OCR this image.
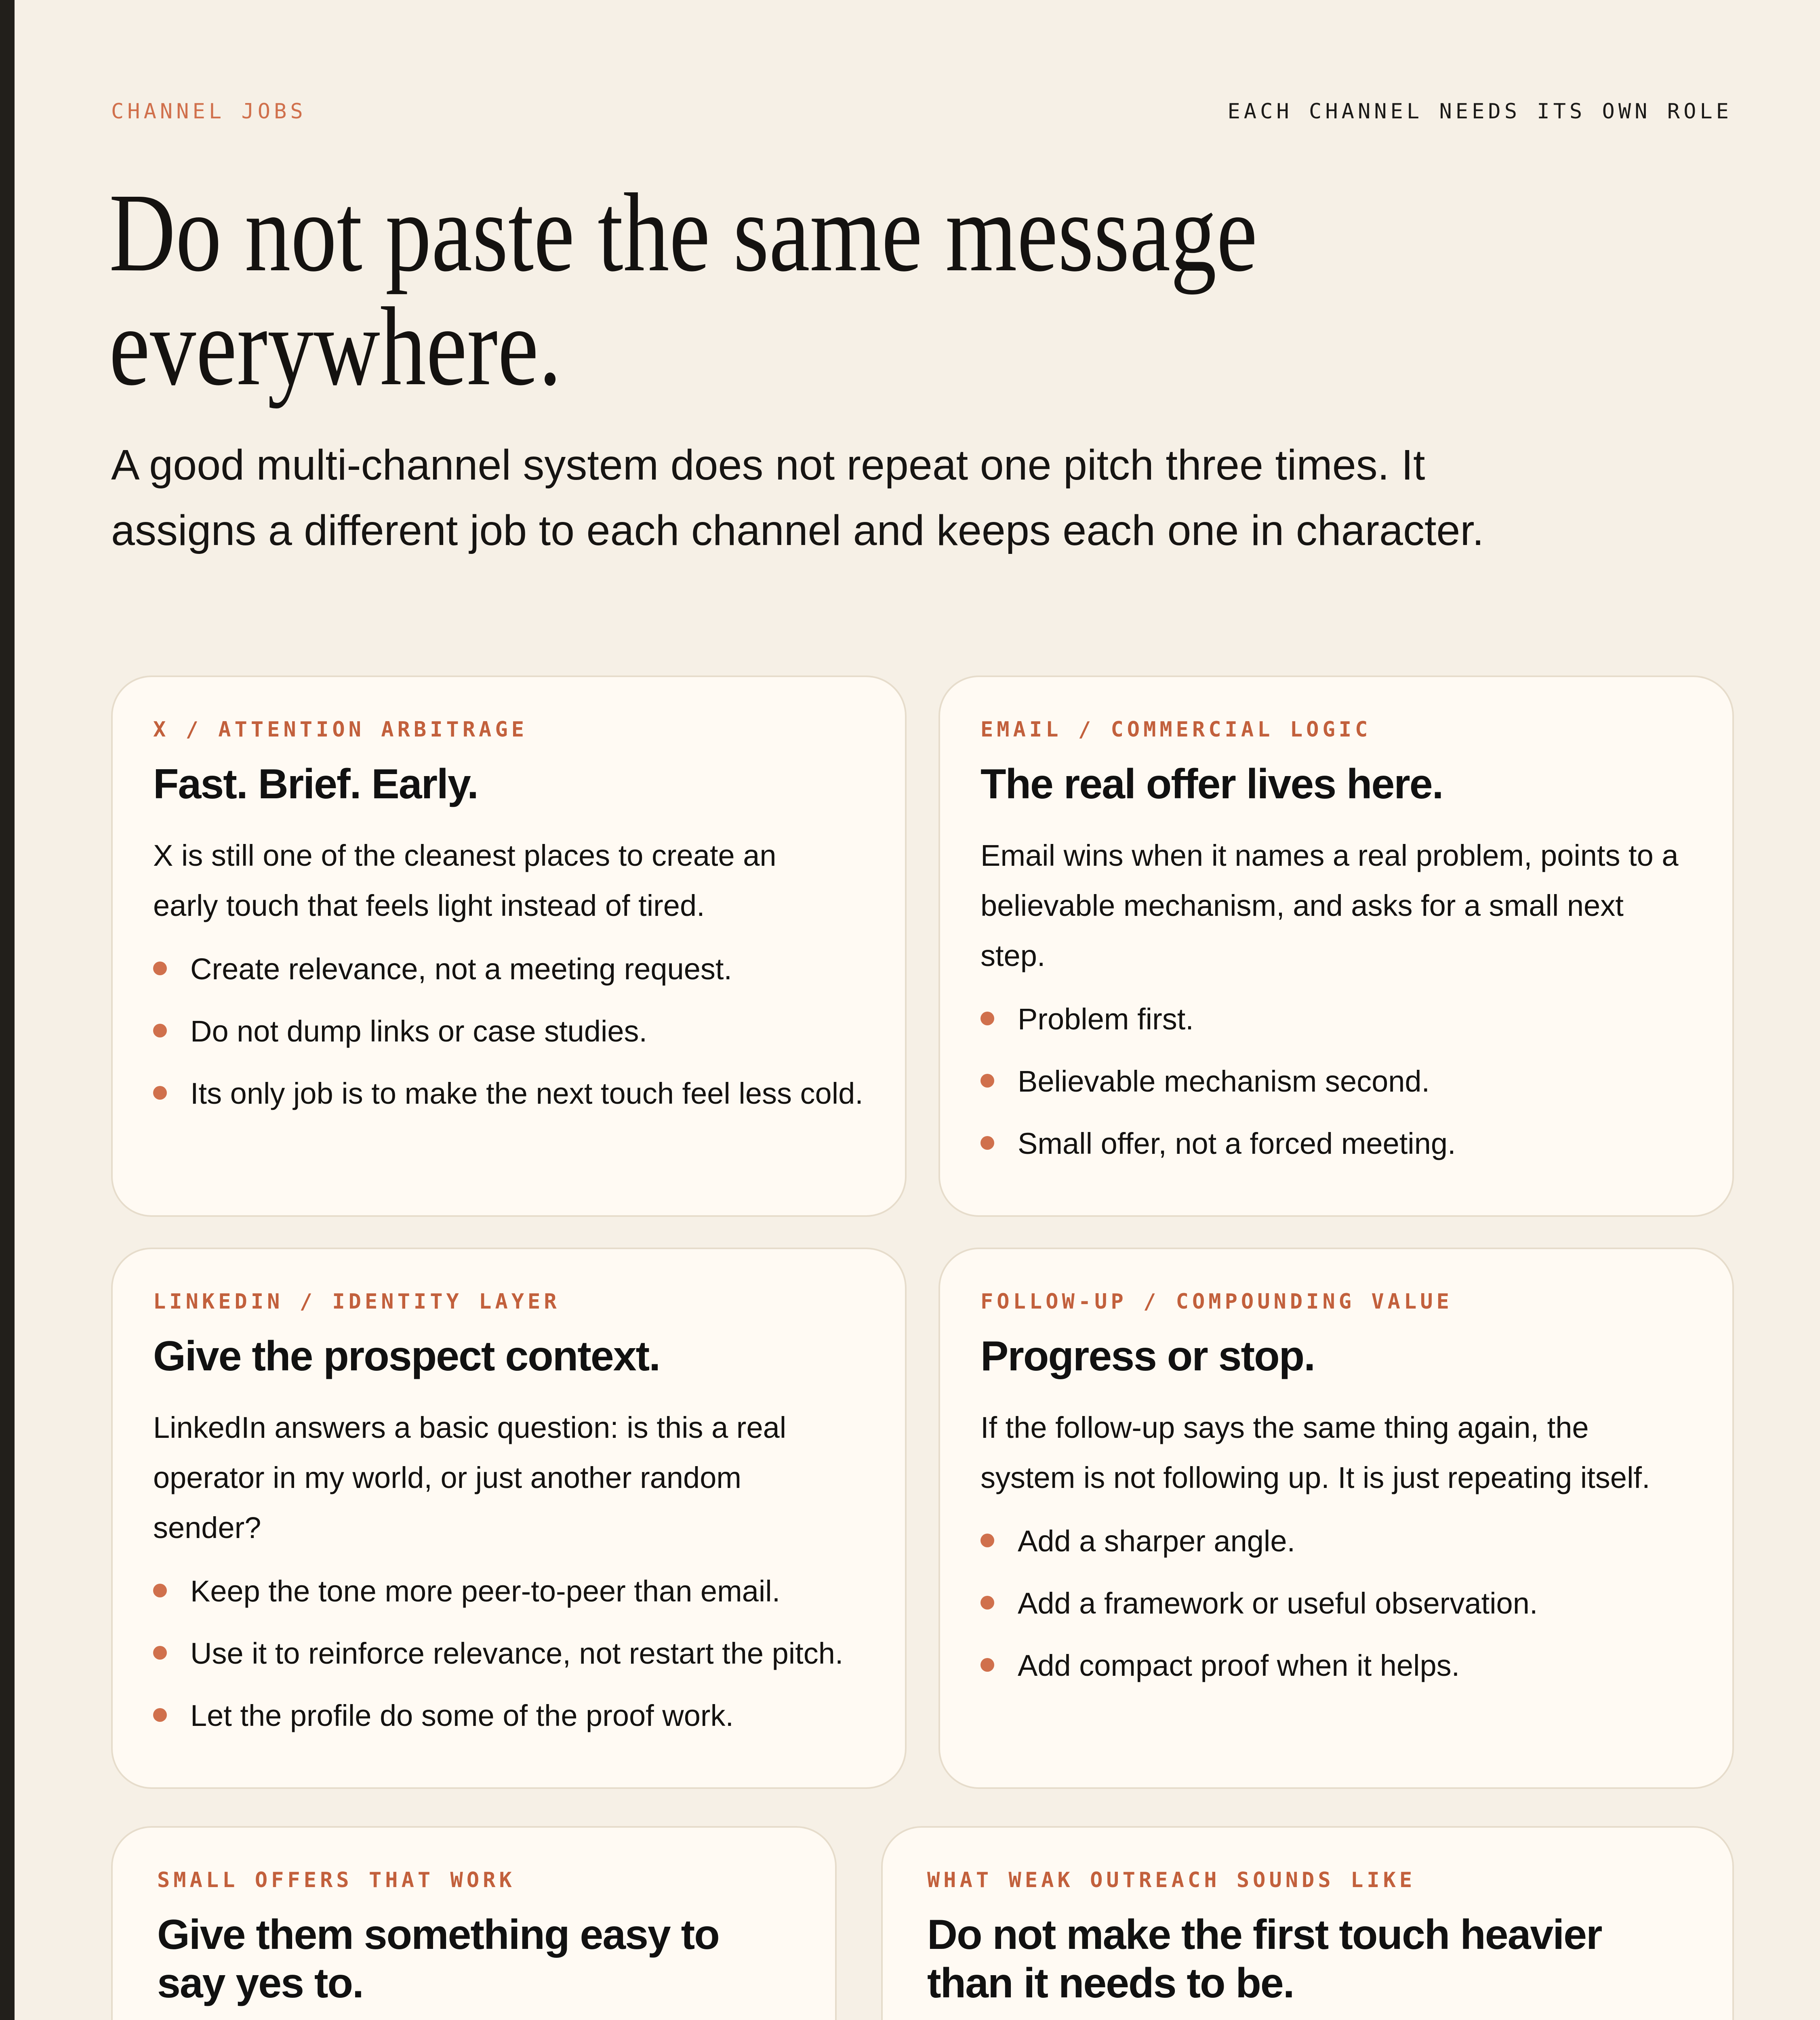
CHANNEL JOBS	EACH CHANNEL NEEDS ITS OWN ROLE
Do not paste the same message
everywhere.

A good multi-channel system does not repeat one pitch three times. It assigns a different job to each channel and keeps each one in character.

X / ATTENTION ARBITRAGE
Fast. Brief. Early.

X is still one of the cleanest places to create an early touch that feels light instead of tired.

Create relevance, not a meeting request.
Do not dump links or case studies.
Its only job is to make the next touch feel less cold.
EMAIL / COMMERCIAL LOGIC
The real offer lives here.

Email wins when it names a real problem, points to a believable mechanism, and asks for a small next step.

Problem first.
Believable mechanism second.
Small offer, not a forced meeting.
LINKEDIN / IDENTITY LAYER
Give the prospect context.

LinkedIn answers a basic question: is this a real operator in my world, or just another random sender?

Keep the tone more peer-to-peer than email.
Use it to reinforce relevance, not restart the pitch.
Let the profile do some of the proof work.
FOLLOW-UP / COMPOUNDING VALUE
Progress or stop.

If the follow-up says the same thing again, the system is not following up. It is just repeating itself.

Add a sharper angle.
Add a framework or useful observation.
Add compact proof when it helps.
SMALL OFFERS THAT WORK
Give them something easy to say yes to.
WHAT WEAK OUTREACH SOUNDS LIKE
Do not make the first touch heavier than it needs to be.
